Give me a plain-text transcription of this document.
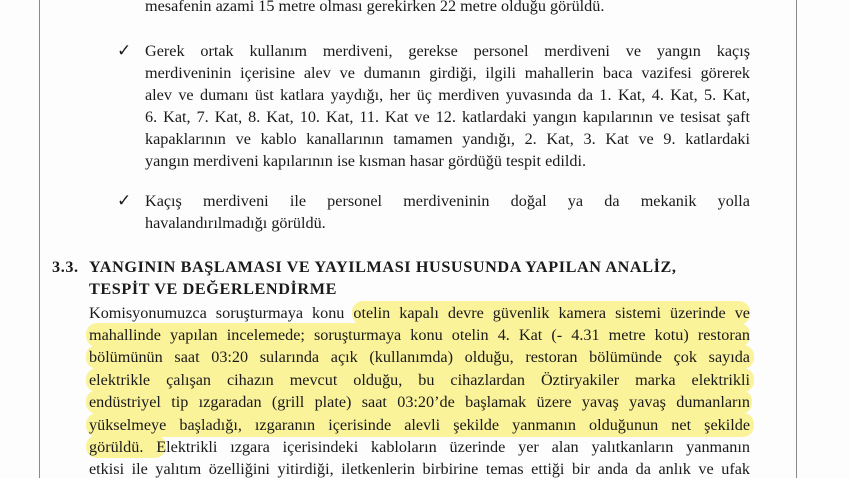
mesafenin azami 15 metre olması gerekirken 22 metre olduğu görüldü.
✓ Gerek ortak kullanım merdiveni, gerekse personel merdiveni ve yangın kaçış
merdiveninin içerisine alev ve dumanın girdiği, ilgili mahallerin baca vazifesi görerek
alev ve dumanı üst katlara yaydığı, her üç merdiven yuvasında da 1. Kat, 4. Kat, 5. Kat,
6. Kat, 7. Kat, 8. Kat, 10. Kat, 11. Kat ve 12. katlardaki yangın kapılarının ve tesisat şaft
kapaklarının ve kablo kanallarının tamamen yandığı, 2. Kat, 3. Kat ve 9. katlardaki
yangın merdiveni kapılarının ise kısman hasar gördüğü tespit edildi.
✓ Kaçış merdiveni ile personel merdiveninin doğal ya da mekanik yolla
havalandırılmadığı görüldü.
3.3. YANGININ BAŞLAMASI VE YAYILMASI HUSUSUNDA YAPILAN ANALİZ,
TESPİT VE DEĞERLENDİRME
Komisyonumuzca soruşturmaya konu otelin kapalı devre güvenlik kamera sistemi üzerinde ve
mahallinde yapılan incelemede; soruşturmaya konu otelin 4. Kat (- 4.31 metre kotu) restoran
bölümünün saat 03:20 sularında açık (kullanımda) olduğu, restoran bölümünde çok sayıda
elektrikle çalışan cihazın mevcut olduğu, bu cihazlardan Öztiryakiler marka elektrikli
endüstriyel tip ızgaradan (grill plate) saat 03:20’de başlamak üzere yavaş yavaş dumanların
yükselmeye başladığı, ızgaranın içerisinde alevli şekilde yanmanın olduğunun net şekilde
görüldü. Elektrikli ızgara içerisindeki kabloların üzerinde yer alan yalıtkanların yanmanın
etkisi ile yalıtım özelliğini yitirdiği, iletkenlerin birbirine temas ettiği bir anda da anlık ve ufak
